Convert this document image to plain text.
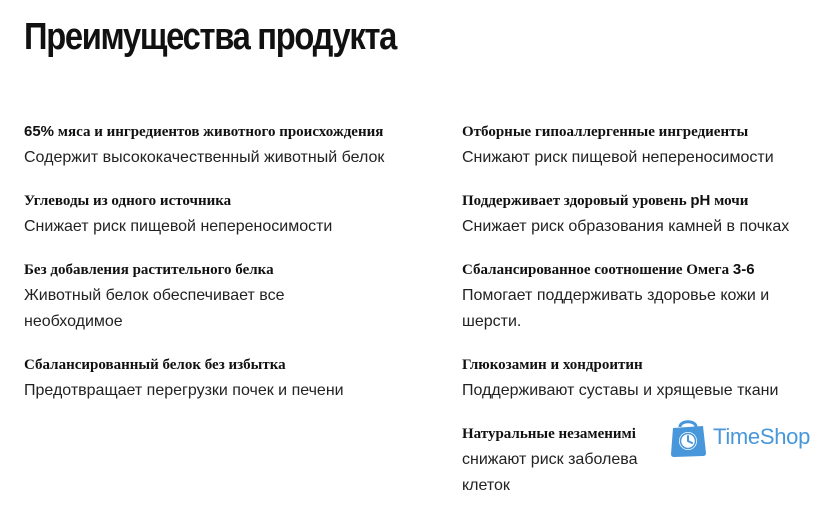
Преимущества продукта
65% мяса и ингредиентов животного происхождения
Содержит высококачественный животный белок
Углеводы из одного источника
Снижает риск пищевой непереносимости
Без добавления растительного белка
Животный белок обеспечивает все необходимое
Сбалансированный белок без избытка
Предотвращает перегрузки почек и печени
Отборные гипоаллергенные ингредиенты
Снижают риск пищевой непереносимости
Поддерживает здоровый уровень pH мочи
Снижает риск образования камней в почках
Сбалансированное соотношение Омега 3-6
Помогает поддерживать здоровье кожи и шерсти.
Глюкозамин и хондроитин
Поддерживают суставы и хрящевые ткани
Натуральные незаменимі
снижают риск заболева
клеток
TimeShop
